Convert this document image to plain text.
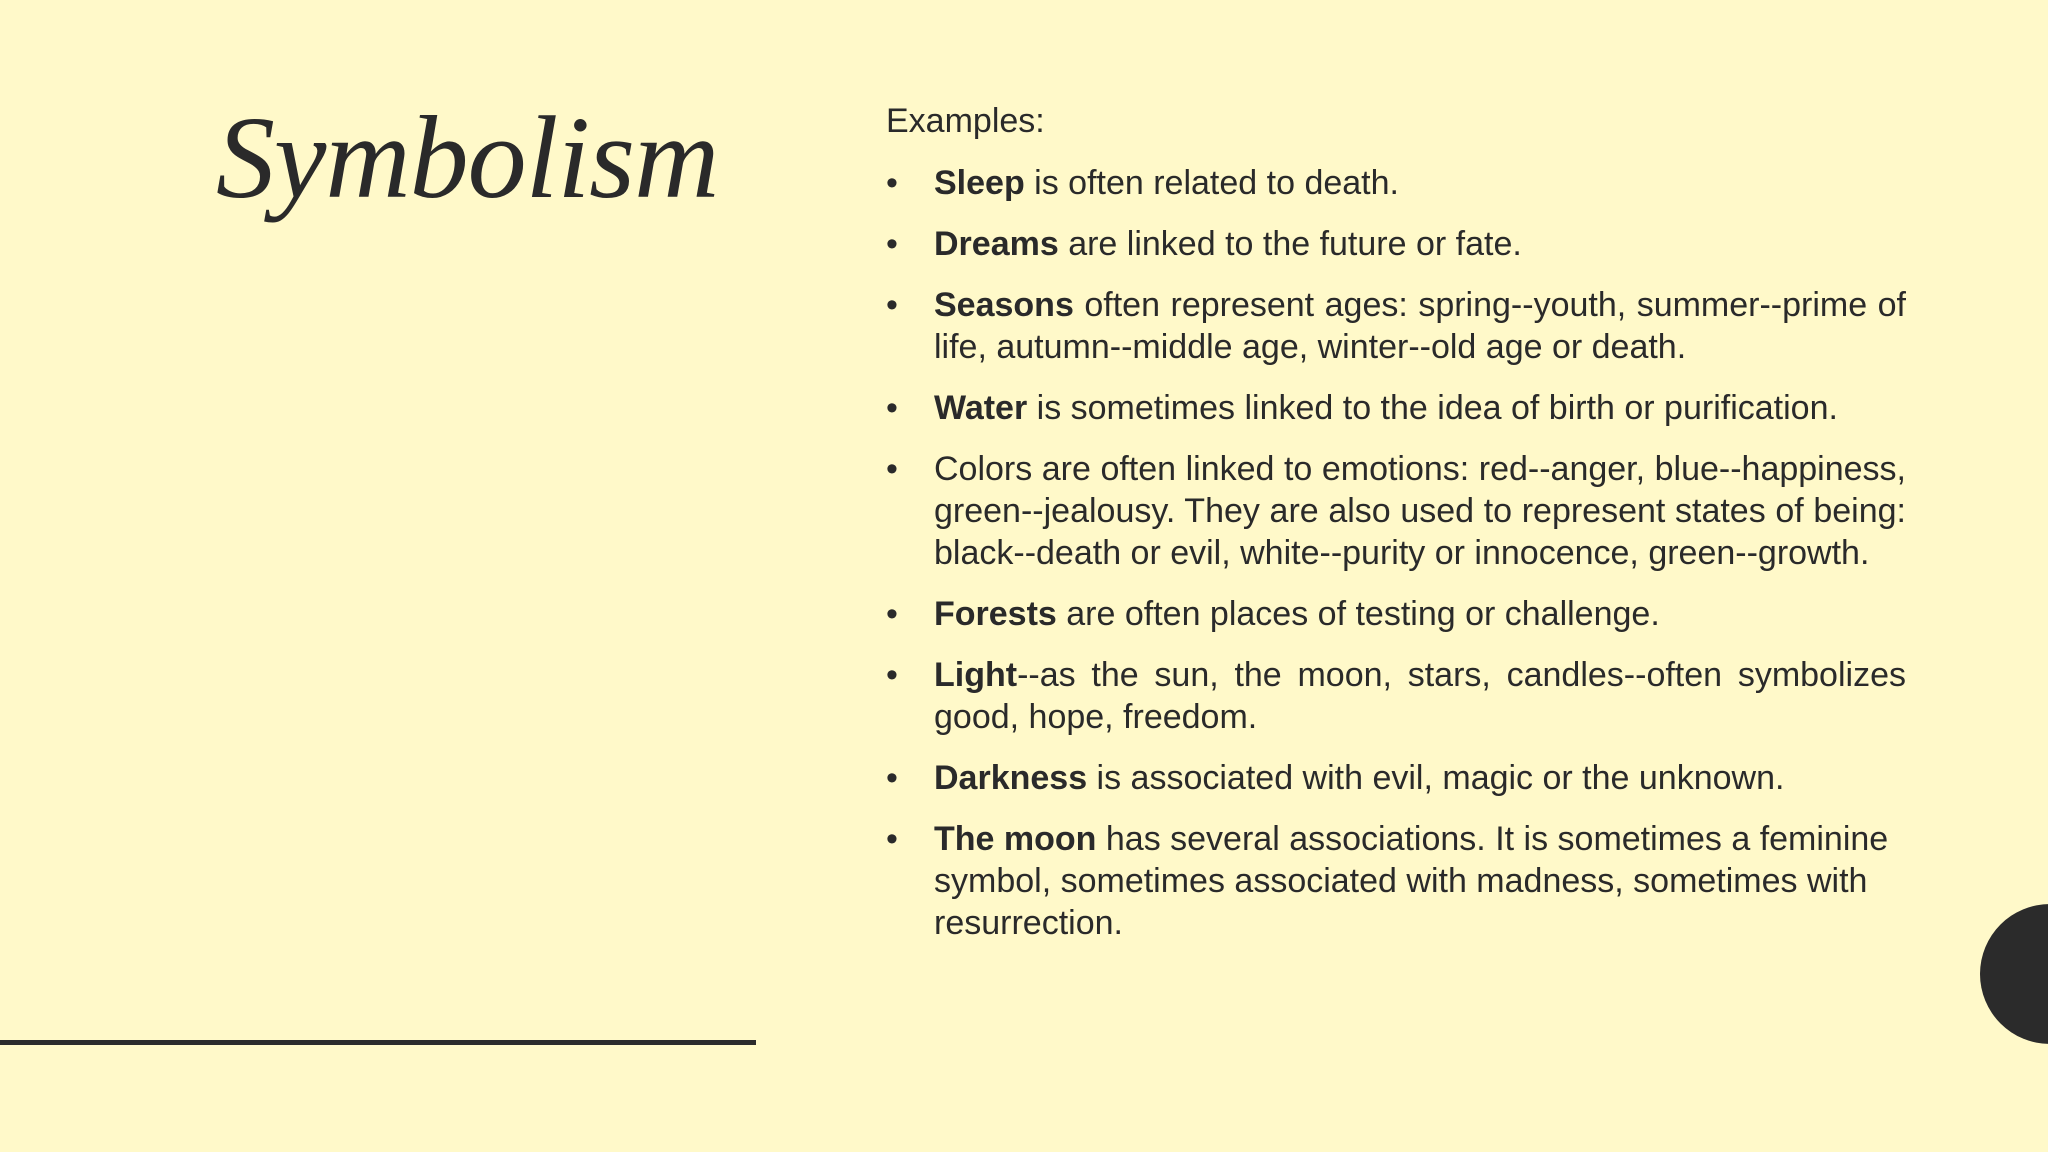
Symbolism	Examples:
•	Sleep is often related to death.
•	Dreams are linked to the future or fate.
•	Seasons often represent ages: spring--youth, summer--prime of life, autumn--middle age, winter--old age or death.
•	Water is sometimes linked to the idea of birth or purification.
•	Colors are often linked to emotions: red--anger, blue--happiness, green--jealousy. They are also used to represent states of being: black--death or evil, white--purity or innocence, green--growth.
•	Forests are often places of testing or challenge.
•	Light--as the sun, the moon, stars, candles--often symbolizes good, hope, freedom.
•	Darkness is associated with evil, magic or the unknown.
•	The moon has several associations. It is sometimes a feminine symbol, sometimes associated with madness, sometimes with resurrection.
